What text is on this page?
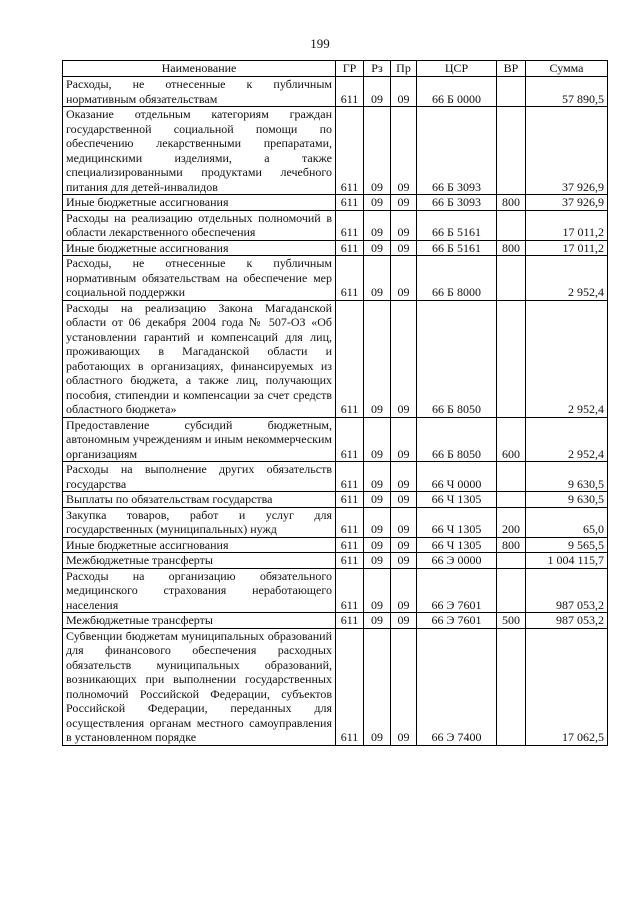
199
Наименование	ГР	Рз	Пр	ЦСР	ВР	Сумма
Расходы, не отнесенные к публичным нормативным обязательствам	611	09	09	66 Б 0000		57 890,5
Оказание отдельным категориям граждан государственной социальной помощи по обеспечению лекарственными препаратами, медицинскими изделиями, а также специализированными продуктами лечебного питания для детей-инвалидов	611	09	09	66 Б 3093		37 926,9
Иные бюджетные ассигнования	611	09	09	66 Б 3093	800	37 926,9
Расходы на реализацию отдельных полномочий в области лекарственного обеспечения	611	09	09	66 Б 5161		17 011,2
Иные бюджетные ассигнования	611	09	09	66 Б 5161	800	17 011,2
Расходы, не отнесенные к публичным нормативным обязательствам на обеспечение мер социальной поддержки	611	09	09	66 Б 8000		2 952,4
Расходы на реализацию Закона Магаданской области от 06 декабря 2004 года № 507-ОЗ «Об установлении гарантий и компенсаций для лиц, проживающих в Магаданской области и работающих в организациях, финансируемых из областного бюджета, а также лиц, получающих пособия, стипендии и компенсации за счет средств областного бюджета»	611	09	09	66 Б 8050		2 952,4
Предоставление субсидий бюджетным, автономным учреждениям и иным некоммерческим организациям	611	09	09	66 Б 8050	600	2 952,4
Расходы на выполнение других обязательств государства	611	09	09	66 Ч 0000		9 630,5
Выплаты по обязательствам государства	611	09	09	66 Ч 1305		9 630,5
Закупка товаров, работ и услуг для государственных (муниципальных) нужд	611	09	09	66 Ч 1305	200	65,0
Иные бюджетные ассигнования	611	09	09	66 Ч 1305	800	9 565,5
Межбюджетные трансферты	611	09	09	66 Э 0000		1 004 115,7
Расходы на организацию обязательного медицинского страхования неработающего населения	611	09	09	66 Э 7601		987 053,2
Межбюджетные трансферты	611	09	09	66 Э 7601	500	987 053,2
Субвенции бюджетам муниципальных образований для финансового обеспечения расходных обязательств муниципальных образований, возникающих при выполнении государственных полномочий Российской Федерации, субъектов Российской Федерации, переданных для осуществления органам местного самоуправления в установленном порядке	611	09	09	66 Э 7400		17 062,5
